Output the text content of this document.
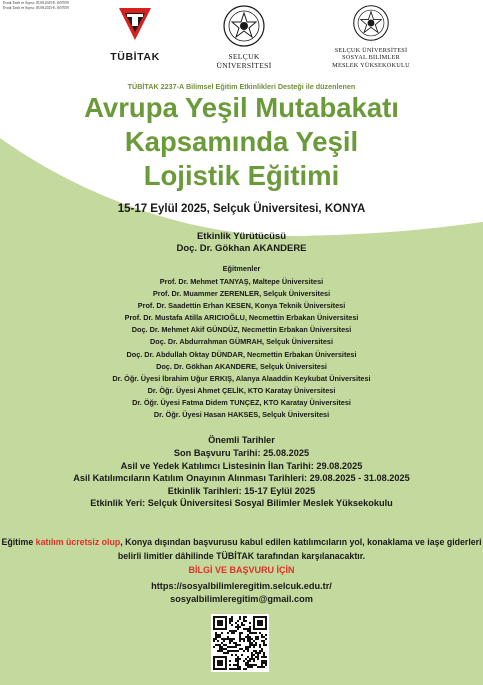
Evrak Tarih ve Sayısı: 05.08.2025-E.1657059
Evrak Tarih ve Sayısı: 05.08.2025-E.1657059
TÜBİTAK	SELÇUK
ÜNİVERSİTESİ
SELÇUK ÜNİVERSİTESİ
SOSYAL BİLİMLER
MESLEK YÜKSEKOKULU
TÜBİTAK 2237-A Bilimsel Eğitim Etkinlikleri Desteği ile düzenlenen
Avrupa Yeşil Mutabakatı
Kapsamında Yeşil
Lojistik Eğitimi
15-17 Eylül 2025, Selçuk Üniversitesi, KONYA
Etkinlik Yürütücüsü
Doç. Dr. Gökhan AKANDERE
Eğitmenler
Prof. Dr. Mehmet TANYAŞ, Maltepe Üniversitesi
Prof. Dr. Muammer ZERENLER, Selçuk Üniversitesi
Prof. Dr. Saadettin Erhan KESEN, Konya Teknik Üniversitesi
Prof. Dr. Mustafa Atilla ARICIOĞLU, Necmettin Erbakan Üniversitesi
Doç. Dr. Mehmet Akif GÜNDÜZ, Necmettin Erbakan Üniversitesi
Doç. Dr. Abdurrahman GÜMRAH, Selçuk Üniversitesi
Doç. Dr. Abdullah Oktay DÜNDAR, Necmettin Erbakan Üniversitesi
Doç. Dr. Gökhan AKANDERE, Selçuk Üniversitesi
Dr. Öğr. Üyesi İbrahim Uğur ERKIŞ, Alanya Alaaddin Keykubat Üniversitesi
Dr. Öğr. Üyesi Ahmet ÇELİK, KTO Karatay Üniversitesi
Dr. Öğr. Üyesi Fatma Didem TUNÇEZ, KTO Karatay Üniversitesi
Dr. Öğr. Üyesi Hasan HAKSES, Selçuk Üniversitesi
Önemli Tarihler
Son Başvuru Tarihi: 25.08.2025
Asil ve Yedek Katılımcı Listesinin İlan Tarihi: 29.08.2025
Asil Katılımcıların Katılım Onayının Alınması Tarihleri: 29.08.2025 - 31.08.2025
Etkinlik Tarihleri: 15-17 Eylül 2025
Etkinlik Yeri: Selçuk Üniversitesi Sosyal Bilimler Meslek Yüksekokulu
Eğitime katılım ücretsiz olup, Konya dışından başvurusu kabul edilen katılımcıların yol, konaklama ve iaşe giderleri belirli limitler dâhilinde TÜBİTAK tarafından karşılanacaktır.
BİLGİ VE BAŞVURU İÇİN
https://sosyalbilimleregitim.selcuk.edu.tr/
sosyalbilimleregitim@gmail.com
